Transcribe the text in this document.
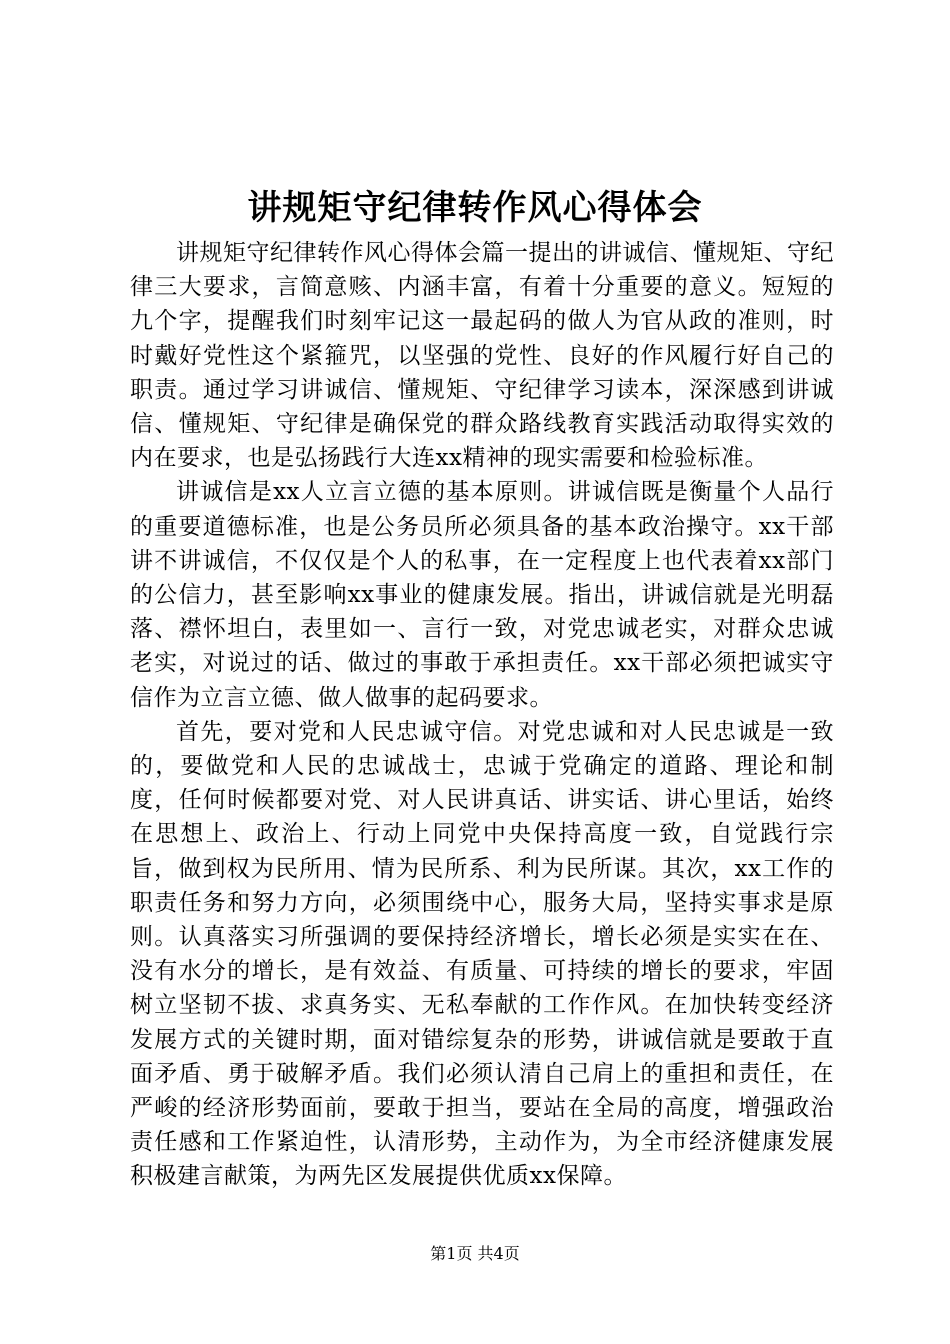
讲规矩守纪律转作风心得体会

讲规矩守纪律转作风心得体会篇一提出的讲诚信、懂规矩、守纪律三大要求，言简意赅、内涵丰富，有着十分重要的意义。短短的九个字，提醒我们时刻牢记这一最起码的做人为官从政的准则，时时戴好党性这个紧箍咒，以坚强的党性、良好的作风履行好自己的职责。通过学习讲诚信、懂规矩、守纪律学习读本，深深感到讲诚信、懂规矩、守纪律是确保党的群众路线教育实践活动取得实效的内在要求，也是弘扬践行大连xx精神的现实需要和检验标准。

讲诚信是xx人立言立德的基本原则。讲诚信既是衡量个人品行的重要道德标准，也是公务员所必须具备的基本政治操守。xx干部讲不讲诚信，不仅仅是个人的私事，在一定程度上也代表着xx部门的公信力，甚至影响xx事业的健康发展。指出，讲诚信就是光明磊落、襟怀坦白，表里如一、言行一致，对党忠诚老实，对群众忠诚老实，对说过的话、做过的事敢于承担责任。xx干部必须把诚实守信作为立言立德、做人做事的起码要求。

首先，要对党和人民忠诚守信。对党忠诚和对人民忠诚是一致的，要做党和人民的忠诚战士，忠诚于党确定的道路、理论和制度，任何时候都要对党、对人民讲真话、讲实话、讲心里话，始终在思想上、政治上、行动上同党中央保持高度一致，自觉践行宗旨，做到权为民所用、情为民所系、利为民所谋。其次，xx工作的职责任务和努力方向，必须围绕中心，服务大局，坚持实事求是原则。认真落实习所强调的要保持经济增长，增长必须是实实在在、没有水分的增长，是有效益、有质量、可持续的增长的要求，牢固树立坚韧不拔、求真务实、无私奉献的工作作风。在加快转变经济发展方式的关键时期，面对错综复杂的形势，讲诚信就是要敢于直面矛盾、勇于破解矛盾。我们必须认清自己肩上的重担和责任，在严峻的经济形势面前，要敢于担当，要站在全局的高度，增强政治责任感和工作紧迫性，认清形势，主动作为，为全市经济健康发展积极建言献策，为两先区发展提供优质xx保障。

第1页 共4页
